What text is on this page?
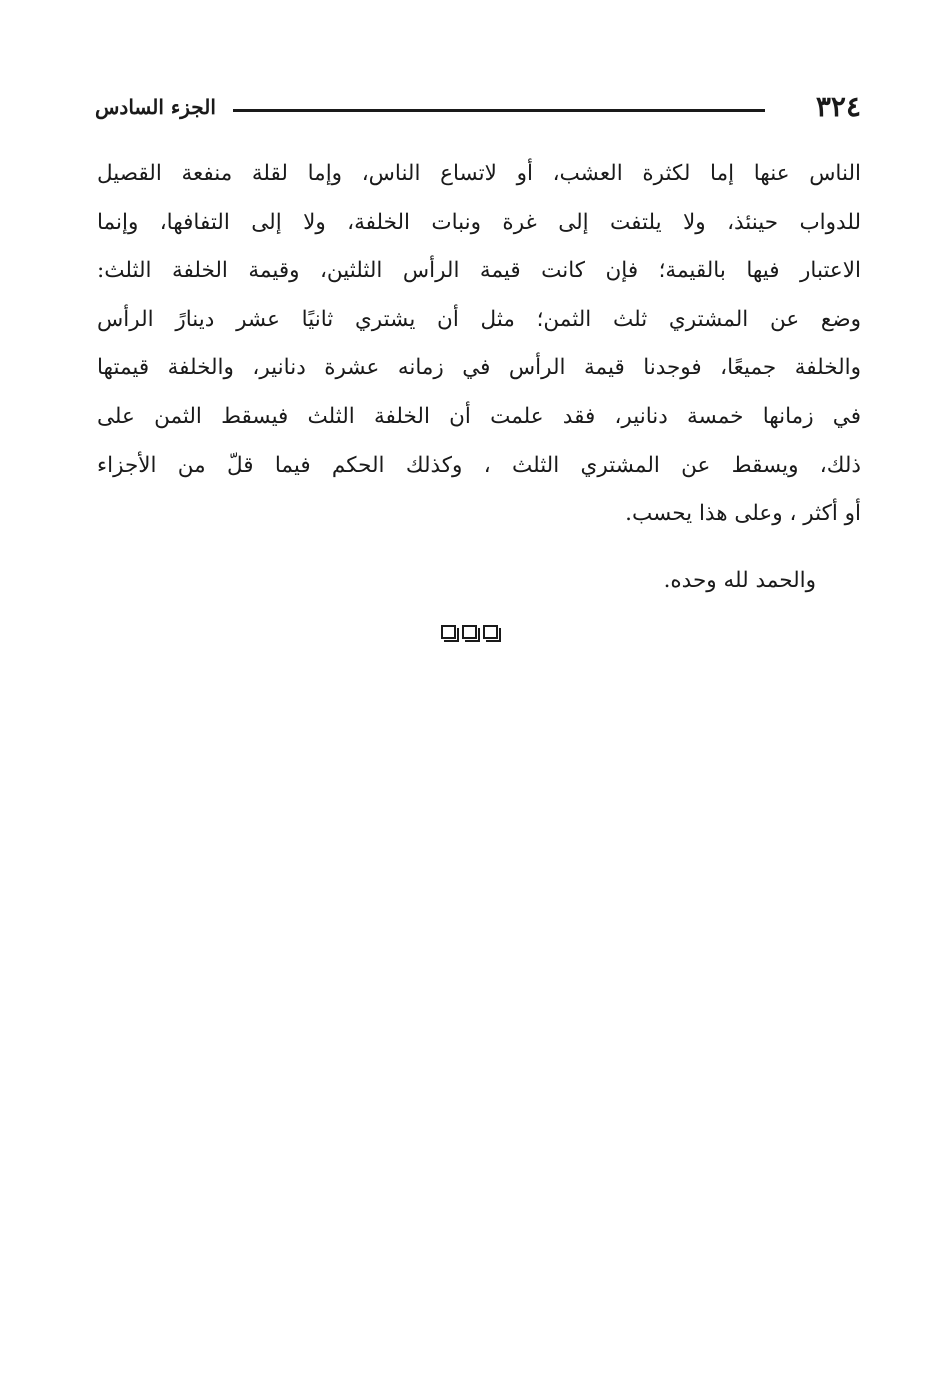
٣٢٤
الجزء السادس
الناس عنها إما لكثرة العشب، أو لاتساع الناس، وإما لقلة منفعة القصيل
للدواب حينئذ، ولا يلتفت إلى غرة ونبات الخلفة، ولا إلى التفافها، وإنما
الاعتبار فيها بالقيمة؛ فإن كانت قيمة الرأس الثلثين، وقيمة الخلفة الثلث:
وضع عن المشتري ثلث الثمن؛ مثل أن يشتري ثانيًا عشر دينارً الرأس
والخلفة جميعًا، فوجدنا قيمة الرأس في زمانه عشرة دنانير، والخلفة قيمتها
في زمانها خمسة دنانير، فقد علمت أن الخلفة الثلث فيسقط الثمن على
ذلك، ويسقط عن المشتري الثلث ، وكذلك الحكم فيما قلّ من الأجزاء
أو أكثر ، وعلى هذا يحسب.
والحمد لله وحده.
